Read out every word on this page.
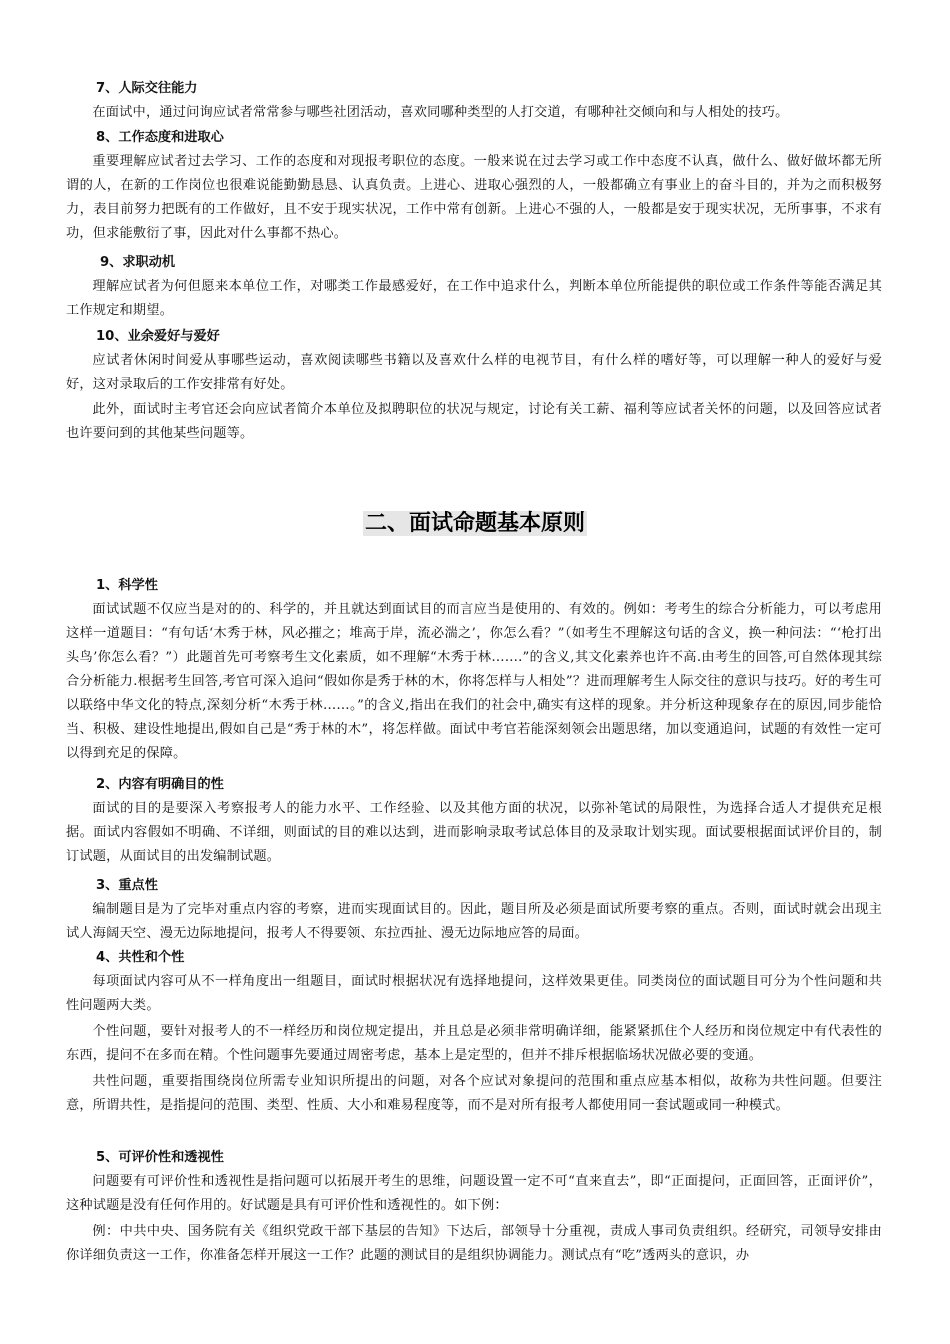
7、人际交往能力
在面试中，通过问询应试者常常参与哪些社团活动，喜欢同哪种类型的人打交道，有哪种社交倾向和与人相处的技巧。
8、工作态度和进取心
重要理解应试者过去学习、工作的态度和对现报考职位的态度。一般来说在过去学习或工作中态度不认真，做什么、做好做坏都无所谓的人，在新的工作岗位也很难说能勤勤恳恳、认真负责。上进心、进取心强烈的人，一般都确立有事业上的奋斗目的，并为之而积极努力，表目前努力把既有的工作做好，且不安于现实状况，工作中常有创新。上进心不强的人，一般都是安于现实状况，无所事事，不求有功，但求能敷衍了事，因此对什么事都不热心。
9、求职动机
理解应试者为何但愿来本单位工作，对哪类工作最感爱好，在工作中追求什么，判断本单位所能提供的职位或工作条件等能否满足其工作规定和期望。
10、业余爱好与爱好
应试者休闲时间爱从事哪些运动，喜欢阅读哪些书籍以及喜欢什么样的电视节目，有什么样的嗜好等，可以理解一种人的爱好与爱好，这对录取后的工作安排常有好处。
此外，面试时主考官还会向应试者简介本单位及拟聘职位的状况与规定，讨论有关工薪、福利等应试者关怀的问题，以及回答应试者也许要问到的其他某些问题等。
二、面试命题基本原则
1、科学性
面试试题不仅应当是对的的、科学的，并且就达到面试目的而言应当是使用的、有效的。例如：考考生的综合分析能力，可以考虑用这样一道题目：“有句话‘木秀于林，风必摧之；堆高于岸，流必湍之’，你怎么看？”（如考生不理解这句话的含义，换一种问法：“‘枪打出头鸟’你怎么看？”）此题首先可考察考生文化素质，如不理解“木秀于林…….”的含义,其文化素养也许不高.由考生的回答,可自然体现其综合分析能力.根据考生回答,考官可深入追问“假如你是秀于林的木，你将怎样与人相处”？进而理解考生人际交往的意识与技巧。好的考生可以联络中华文化的特点,深刻分析“木秀于林……。”的含义,指出在我们的社会中,确实有这样的现象。并分析这种现象存在的原因,同步能恰当、积极、建设性地提出,假如自己是“秀于林的木”，将怎样做。面试中考官若能深刻领会出题思绪，加以变通追问，试题的有效性一定可以得到充足的保障。
2、内容有明确目的性
面试的目的是要深入考察报考人的能力水平、工作经验、以及其他方面的状况，以弥补笔试的局限性，为选择合适人才提供充足根据。面试内容假如不明确、不详细，则面试的目的难以达到，进而影响录取考试总体目的及录取计划实现。面试要根据面试评价目的，制订试题，从面试目的出发编制试题。
3、重点性
编制题目是为了完毕对重点内容的考察，进而实现面试目的。因此，题目所及必须是面试所要考察的重点。否则，面试时就会出现主试人海阔天空、漫无边际地提问，报考人不得要领、东拉西扯、漫无边际地应答的局面。
4、共性和个性
每项面试内容可从不一样角度出一组题目，面试时根据状况有选择地提问，这样效果更佳。同类岗位的面试题目可分为个性问题和共性问题两大类。
个性问题，要针对报考人的不一样经历和岗位规定提出，并且总是必须非常明确详细，能紧紧抓住个人经历和岗位规定中有代表性的东西，提问不在多而在精。个性问题事先要通过周密考虑，基本上是定型的，但并不排斥根据临场状况做必要的变通。
共性问题，重要指围绕岗位所需专业知识所提出的问题，对各个应试对象提问的范围和重点应基本相似，故称为共性问题。但要注意，所谓共性，是指提问的范围、类型、性质、大小和难易程度等，而不是对所有报考人都使用同一套试题或同一种模式。
5、可评价性和透视性
问题要有可评价性和透视性是指问题可以拓展开考生的思维，问题设置一定不可“直来直去”，即“正面提问，正面回答，正面评价”，这种试题是没有任何作用的。好试题是具有可评价性和透视性的。如下例：
例：中共中央、国务院有关《组织党政干部下基层的告知》下达后，部领导十分重视，责成人事司负责组织。经研究，司领导安排由你详细负责这一工作，你准备怎样开展这一工作？此题的测试目的是组织协调能力。测试点有“吃”透两头的意识，办
